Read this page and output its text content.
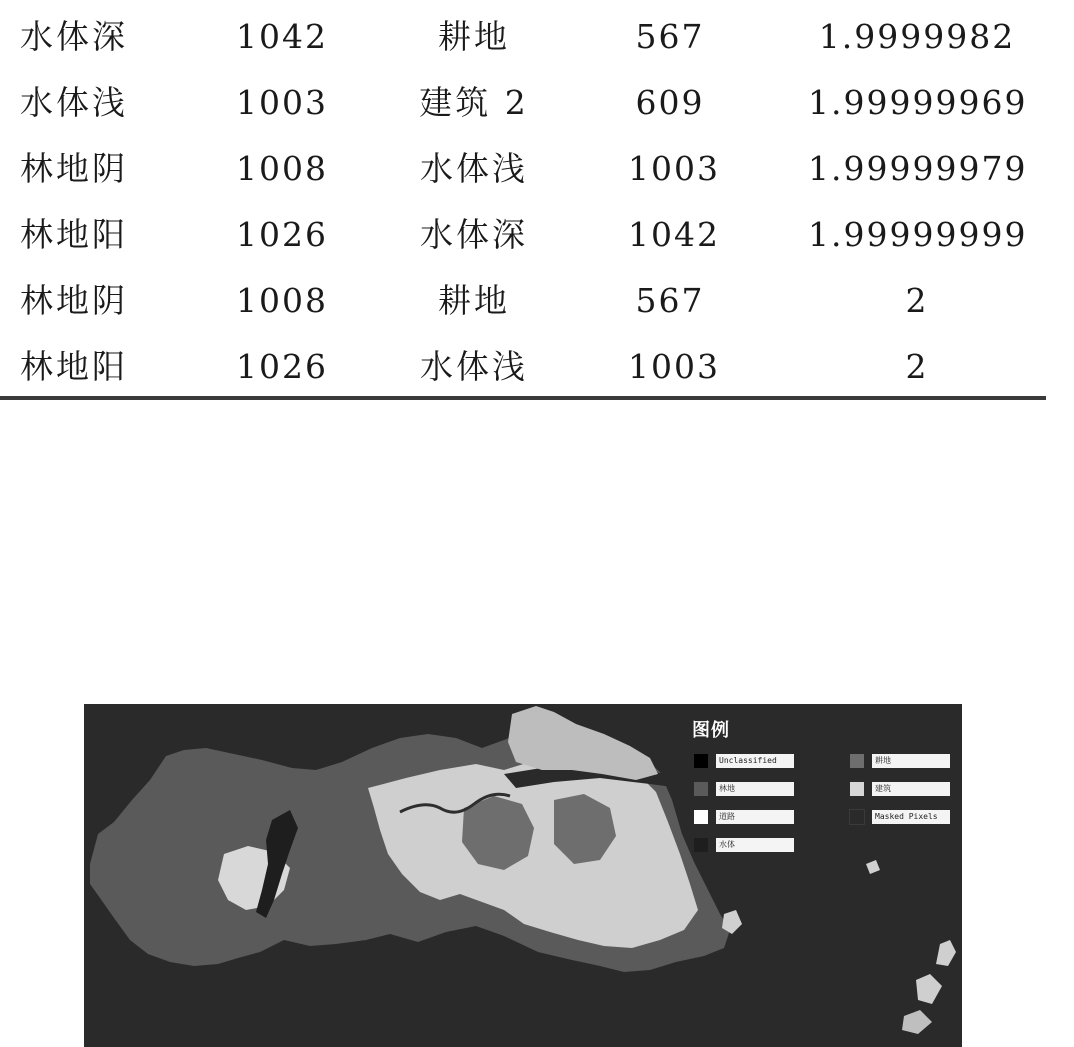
水体深	1042	耕地	567	1.9999982
水体浅	1003	建筑 2	609	1.99999969
林地阴	1008	水体浅	1003	1.99999979
林地阳	1026	水体深	1042	1.99999999
林地阴	1008	耕地	567	2
林地阳	1026	水体浅	1003	2
图例
Unclassified	耕地
林地	建筑
道路	Masked Pixels
水体
